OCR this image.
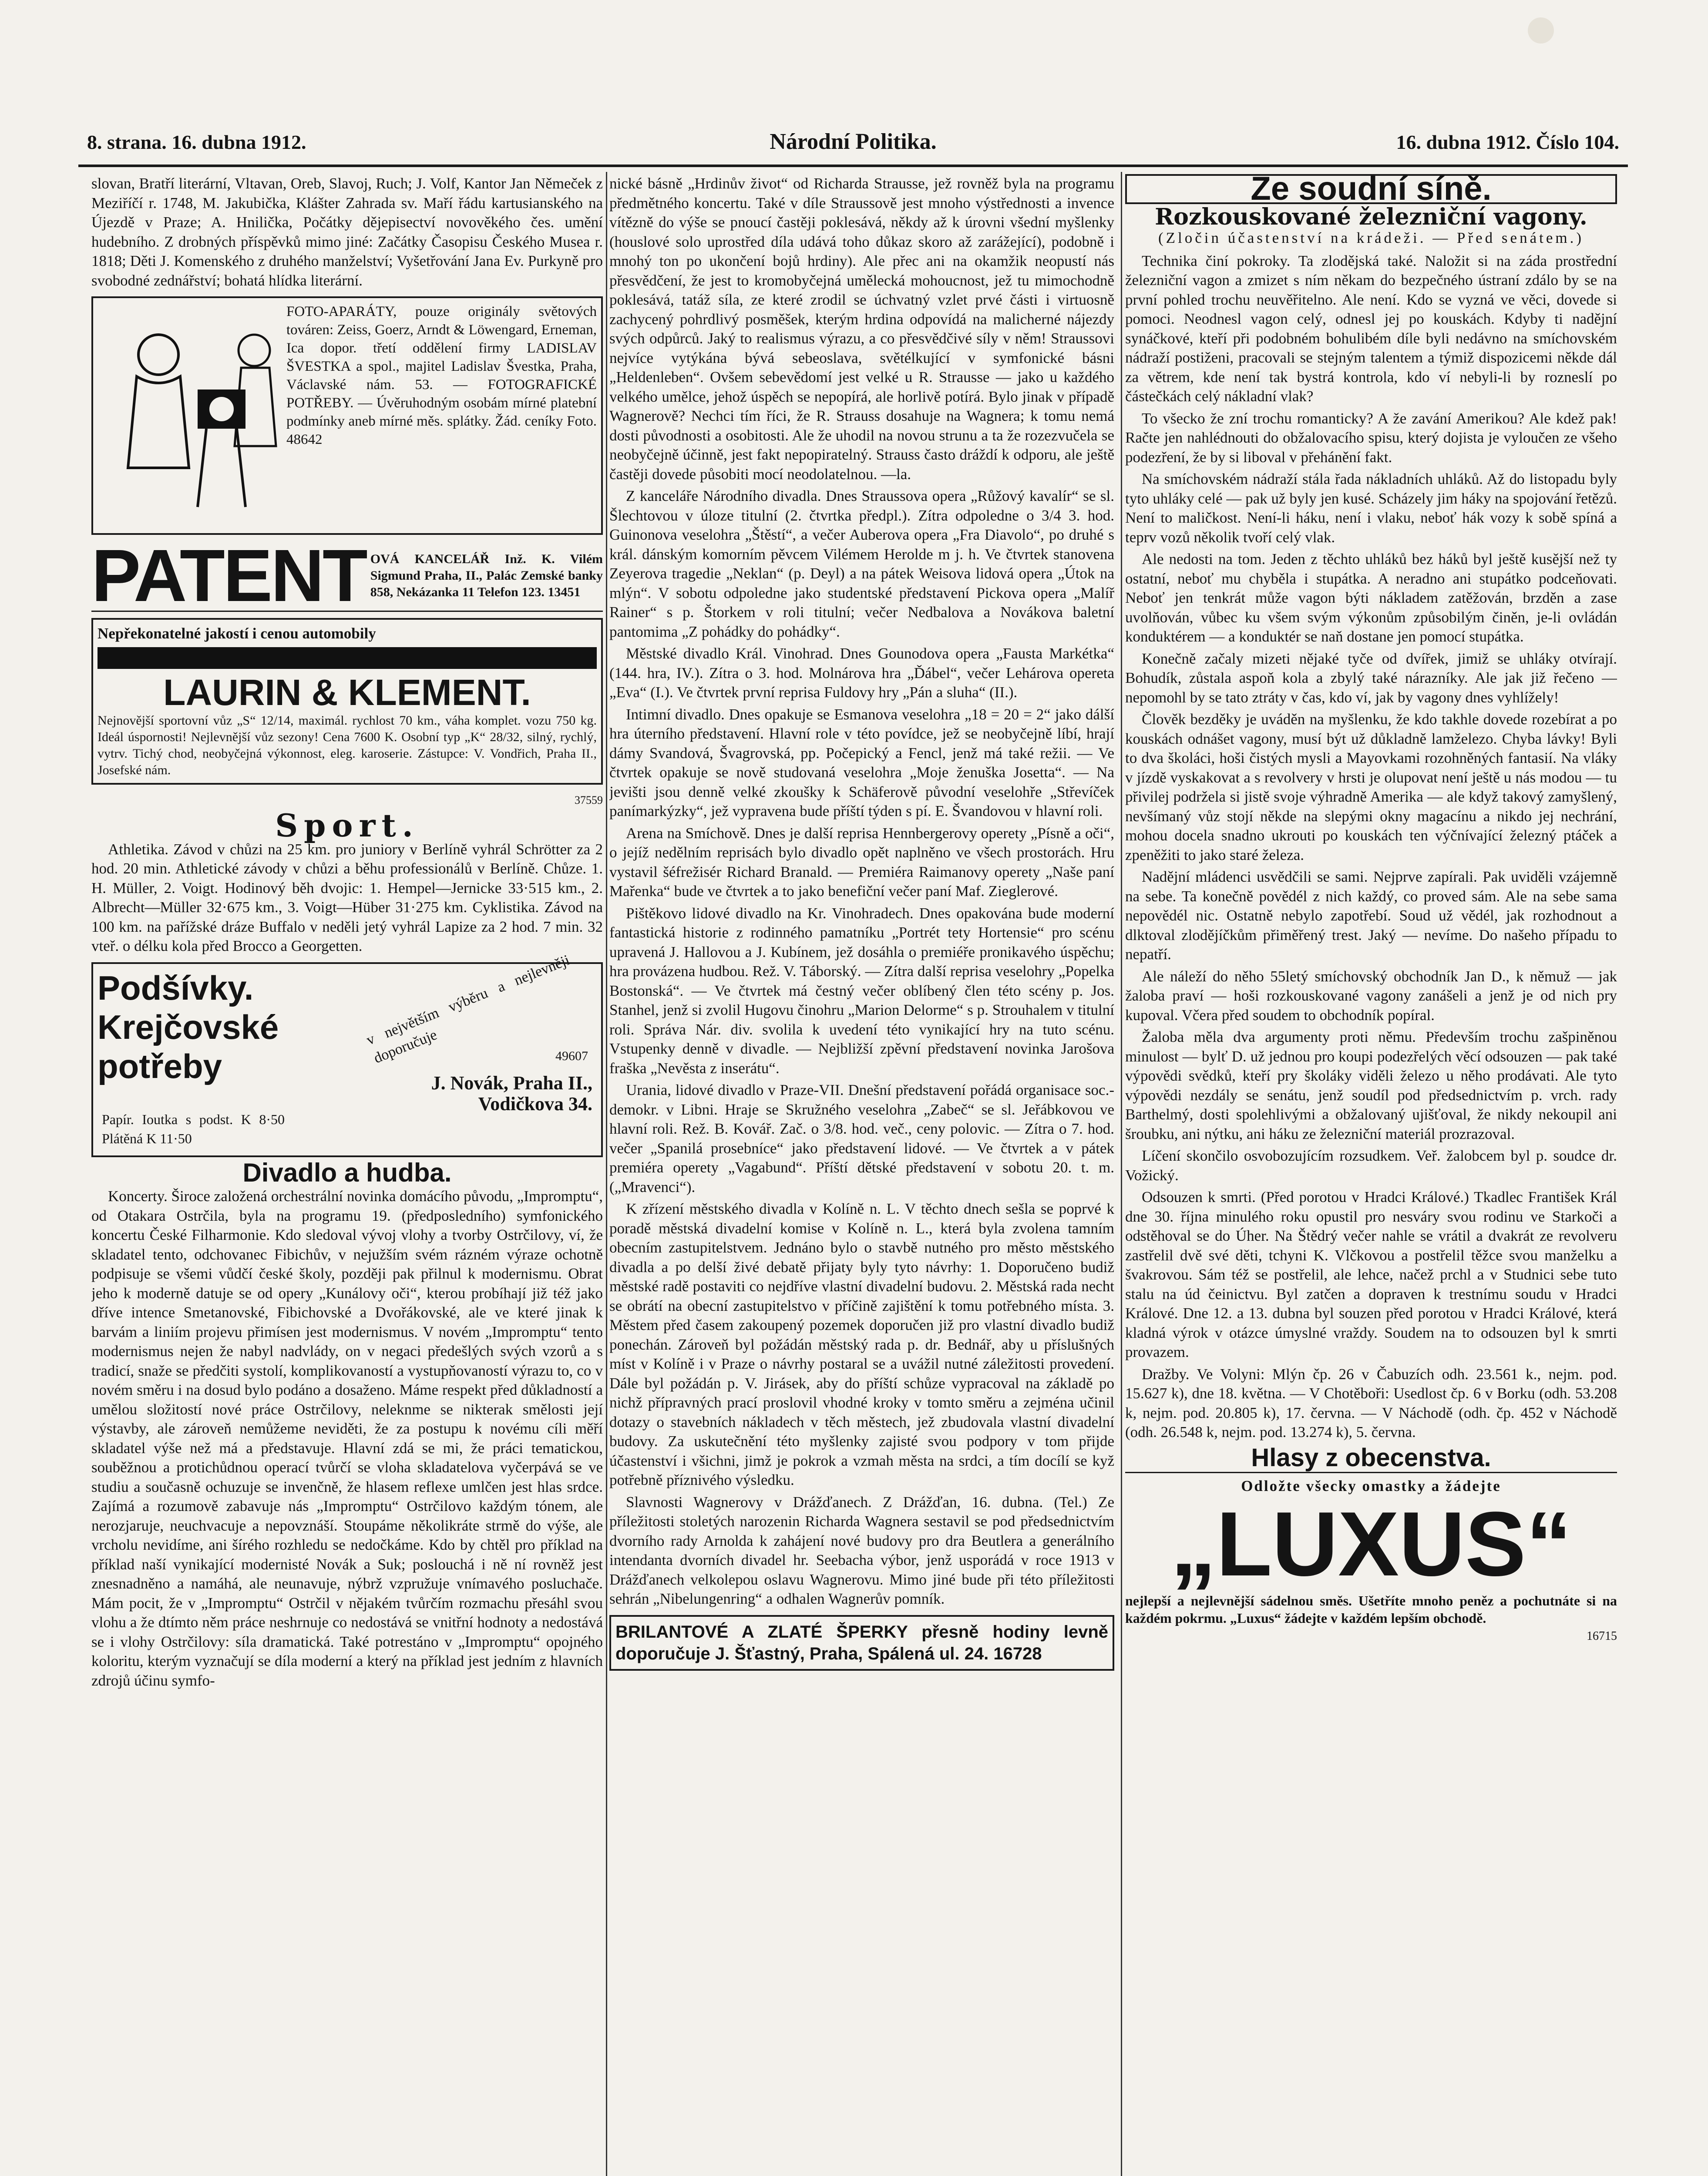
8. strana. 16. dubna 1912.	Národní Politika.	16. dubna 1912. Číslo 104.

slovan, Bratří literární, Vltavan, Oreb, Slavoj, Ruch; J. Volf, Kantor Jan Němeček z Meziříčí r. 1748, M. Jakubička, Klášter Zahrada sv. Maří řádu kartusianského na Újezdě v Praze; A. Hnilička, Počátky dějepisectví novověkého čes. umění hudebního. Z drobných příspěvků mimo jiné: Začátky Časopisu Českého Musea r. 1818; Děti J. Komenského z druhého manželství; Vyšetřování Jana Ev. Purkyně pro svobodné zednářství; bohatá hlídka literární.

FOTO-APARÁTY, pouze originály světových továren: Zeiss, Goerz, Arndt & Löwengard, Erneman, Ica dopor. třetí oddělení firmy LADISLAV ŠVESTKA a spol., majitel Ladislav Švestka, Praha, Václavské nám. 53. — FOTOGRAFICKÉ POTŘEBY. — Úvěruhodným osobám mírné platební podmínky aneb mírné měs. splátky. Žád. ceníky Foto. 48642
PATENT OVÁ KANCELÁŘ Inž. K. Vilém Sigmund Praha, II., Palác Zemské banky 858, Nekázanka 11 Telefon 123. 13451
Nepřekonatelné jakostí i cenou automobily
LAURIN & KLEMENT.
Nejnovější sportovní vůz „S“ 12/14, maximál. rychlost 70 km., váha komplet. vozu 750 kg. Ideál úspornosti! Nejlevnější vůz sezony! Cena 7600 K. Osobní typ „K“ 28/32, silný, rychlý, vytrv. Tichý chod, neobyčejná výkonnost, eleg. karoserie. Zástupce: V. Vondřich, Praha II., Josefské nám.
37559
Sport.

Athletika. Závod v chůzi na 25 km. pro juniory v Berlíně vyhrál Schrötter za 2 hod. 20 min. Athletické závody v chůzi a běhu professionálů v Berlíně. Chůze. 1. H. Müller, 2. Voigt. Hodinový běh dvojic: 1. Hempel—Jernicke 33·515 km., 2. Albrecht—Müller 32·675 km., 3. Voigt—Hüber 31·275 km. Cyklistika. Závod na 100 km. na pařížské dráze Buffalo v neděli jetý vyhrál Lapize za 2 hod. 7 min. 32 vteř. o délku kola před Brocco a Georgetten.

Podšívky. Krejčovské potřeby
v největším výběru a nejlevněji doporučuje	49607
J. Novák, Praha II., Vodičkova 34.
Papír. Ioutka s podst. K 8·50 Plátěná K 11·50
Divadlo a hudba.

Koncerty. Široce založená orchestrální novinka domácího původu, „Impromptu“, od Otakara Ostrčila, byla na programu 19. (předposledního) symfonického koncertu České Filharmonie. Kdo sledoval vývoj vlohy a tvorby Ostrčilovy, ví, že skladatel tento, odchovanec Fibichův, v nejužším svém rázném výraze ochotně podpisuje se všemi vůdčí české školy, později pak přilnul k modernismu. Obrat jeho k moderně datuje se od opery „Kunálovy oči“, kterou probíhají již též jako dříve intence Smetanovské, Fibichovské a Dvořákovské, ale ve které jinak k barvám a liniím projevu přimísen jest modernismus. V novém „Impromptu“ tento modernismus nejen že nabyl nadvlády, on v negaci předešlých svých vzorů a s tradicí, snaže se předčiti systolí, komplikovaností a vystupňovaností výrazu to, co v novém směru i na dosud bylo podáno a dosaženo. Máme respekt před důkladností a umělou složitostí nové práce Ostrčilovy, neleknme se nikterak smělosti její výstavby, ale zároveň nemůžeme neviděti, že za postupu k novému cíli měří skladatel výše než má a představuje. Hlavní zdá se mi, že práci tematickou, souběžnou a protichůdnou operací tvůrčí se vloha skladatelova vyčerpává se ve studiu a současně ochuzuje se invenčně, že hlasem reflexe umlčen jest hlas srdce. Zajímá a rozumově zabavuje nás „Impromptu“ Ostrčilovo každým tónem, ale nerozjaruje, neuchvacuje a nepovznáší. Stoupáme několikráte strmě do výše, ale vrcholu nevidíme, ani šírého rozhledu se nedočkáme. Kdo by chtěl pro příklad na příklad naší vynikající modernisté Novák a Suk; poslouchá i ně ní rovněž jest znesnadněno a namáhá, ale neunavuje, nýbrž vzpružuje vnímavého posluchače. Mám pocit, že v „Impromptu“ Ostrčil v nějakém tvůrčím rozmachu přesáhl svou vlohu a že dtímto něm práce neshrnuje co nedostává se vnitřní hodnoty a nedostává se i vlohy Ostrčilovy: síla dramatická. Také potrestáno v „Impromptu“ opojného koloritu, kterým vyznačují se díla moderní a který na příklad jest jedním z hlavních zdrojů účinu symfo-

nické básně „Hrdinův život“ od Richarda Strausse, jež rovněž byla na programu předmětného koncertu. Také v díle Straussově jest mnoho výstřednosti a invence vítězně do výše se pnoucí častěji poklesává, někdy až k úrovni všední myšlenky (houslové solo uprostřed díla udává toho důkaz skoro až zarážející), podobně i mnohý ton po ukončení bojů hrdiny). Ale přec ani na okamžik neopustí nás přesvědčení, že jest to kromobyčejná umělecká mohoucnost, jež tu mimochodně poklesává, tatáž síla, ze které zrodil se úchvatný vzlet prvé části i virtuosně zachycený pohrdlivý posměšek, kterým hrdina odpovídá na malicherné nájezdy svých odpůrců. Jaký to realismus výrazu, a co přesvědčivé síly v něm! Straussovi nejvíce vytýkána bývá sebeoslava, světélkující v symfonické básni „Heldenleben“. Ovšem sebevědomí jest velké u R. Strausse — jako u každého velkého umělce, jehož úspěch se nepopírá, ale horlivě potírá. Bylo jinak v případě Wagnerově? Nechci tím říci, že R. Strauss dosahuje na Wagnera; k tomu nemá dosti původnosti a osobitosti. Ale že uhodil na novou strunu a ta že rozezvučela se neobyčejně účinně, jest fakt nepopiratelný. Strauss často dráždí k odporu, ale ještě častěji dovede působiti mocí neodolatelnou. —la.

Z kanceláře Národního divadla. Dnes Straussova opera „Růžový kavalír“ se sl. Šlechtovou v úloze titulní (2. čtvrtka předpl.). Zítra odpoledne o 3/4 3. hod. Guinonova veselohra „Štěstí“, a večer Auberova opera „Fra Diavolo“, po druhé s král. dánským komorním pěvcem Vilémem Herolde m j. h. Ve čtvrtek stanovena Zeyerova tragedie „Neklan“ (p. Deyl) a na pátek Weisova lidová opera „Útok na mlýn“. V sobotu odpoledne jako studentské představení Pickova opera „Malíř Rainer“ s p. Štorkem v roli titulní; večer Nedbalova a Novákova baletní pantomima „Z pohádky do pohádky“.

Městské divadlo Král. Vinohrad. Dnes Gounodova opera „Fausta Markétka“ (144. hra, IV.). Zítra o 3. hod. Molnárova hra „Ďábel“, večer Lehárova opereta „Eva“ (I.). Ve čtvrtek první reprisa Fuldovy hry „Pán a sluha“ (II.).

Intimní divadlo. Dnes opakuje se Esmanova veselohra „18 = 20 = 2“ jako dálší hra úterního představení. Hlavní role v této povídce, jež se neobyčejně líbí, hrají dámy Svandová, Švagrovská, pp. Počepický a Fencl, jenž má také režii. — Ve čtvrtek opakuje se nově studovaná veselohra „Moje ženuška Josetta“. — Na jevišti jsou denně velké zkoušky k Schäferově původní veselohře „Střevíček panímarkýzky“, jež vypravena bude příští týden s pí. E. Švandovou v hlavní roli.

Arena na Smíchově. Dnes je další reprisa Hennbergerovy operety „Písně a oči“, o jejíž nedělním reprisách bylo divadlo opět naplněno ve všech prostorách. Hru vystavil šéfrežisér Richard Branald. — Premiéra Raimanovy operety „Naše paní Mařenka“ bude ve čtvrtek a to jako benefiční večer paní Maf. Zieglerové.

Pištěkovo lidové divadlo na Kr. Vinohradech. Dnes opakována bude moderní fantastická historie z rodinného pamatníku „Portrét tety Hortensie“ pro scénu upravená J. Hallovou a J. Kubínem, jež dosáhla o premiéře pronikavého úspěchu; hra provázena hudbou. Rež. V. Táborský. — Zítra další reprisa veselohry „Popelka Bostonská“. — Ve čtvrtek má čestný večer oblíbený člen této scény p. Jos. Stanhel, jenž si zvolil Hugovu činohru „Marion Delorme“ s p. Strouhalem v titulní roli. Správa Nár. div. svolila k uvedení této vynikající hry na tuto scénu. Vstupenky denně v divadle. — Nejbližší zpěvní představení novinka Jarošova fraška „Nevěsta z inserátu“.

Urania, lidové divadlo v Praze-VII. Dnešní představení pořádá organisace soc.-demokr. v Libni. Hraje se Skružného veselohra „Zabeč“ se sl. Jeřábkovou ve hlavní roli. Rež. B. Kovář. Zač. o 3/8. hod. več., ceny polovic. — Zítra o 7. hod. večer „Spanilá prosebníce“ jako představení lidové. — Ve čtvrtek a v pátek premiéra operety „Vagabund“. Příští dětské představení v sobotu 20. t. m. („Mravenci“).

K zřízení městského divadla v Kolíně n. L. V těchto dnech sešla se poprvé k poradě městská divadelní komise v Kolíně n. L., která byla zvolena tamním obecním zastupitelstvem. Jednáno bylo o stavbě nutného pro město městského divadla a po delší živé debatě přijaty byly tyto návrhy: 1. Doporučeno budiž městské radě postaviti co nejdříve vlastní divadelní budovu. 2. Městská rada necht se obrátí na obecní zastupitelstvo v příčině zajištění k tomu potřebného místa. 3. Městem před časem zakoupený pozemek doporučen již pro vlastní divadlo budiž ponechán. Zároveň byl požádán městský rada p. dr. Bednář, aby u příslušných míst v Kolíně i v Praze o návrhy postaral se a uvážil nutné záležitosti provedení. Dále byl požádán p. V. Jirásek, aby do příští schůze vypracoval na základě po nichž přípravných prací proslovil vhodné kroky v tomto směru a zejména učinil dotazy o stavebních nákladech v těch městech, jež zbudovala vlastní divadelní budovy. Za uskutečnění této myšlenky zajisté svou podpory v tom přijde účastenství i všichni, jimž je pokrok a vzmah města na srdci, a tím docílí se kyž potřebně příznivého výsledku.

Slavnosti Wagnerovy v Drážďanech. Z Drážďan, 16. dubna. (Tel.) Ze příležitosti stoletých narozenin Richarda Wagnera sestavil se pod předsednictvím dvorního rady Arnolda k zahájení nové budovy pro dra Beutlera a generálního intendanta dvorních divadel hr. Seebacha výbor, jenž usporádá v roce 1913 v Drážďanech velkolepou oslavu Wagnerovu. Mimo jiné bude při této příležitosti sehrán „Nibelungenring“ a odhalen Wagnerův pomník.

BRILANTOVÉ A ZLATÉ ŠPERKY přesně hodiny levně doporučuje J. Šťastný, Praha, Spálená ul. 24. 16728
Ze soudní síně.
Rozkouskované železniční vagony.
(Zločin účastenství na krádeži. — Před senátem.)

Technika činí pokroky. Ta zlodějská také. Naložit si na záda prostřední železniční vagon a zmizet s ním někam do bezpečného ústraní zdálo by se na první pohled trochu neuvěřitelno. Ale není. Kdo se vyzná ve věci, dovede si pomoci. Neodnesl vagon celý, odnesl jej po kouskách. Kdyby ti nadějní synáčkové, kteří při podobném bohulibém díle byli nedávno na smíchovském nádraží postiženi, pracovali se stejným talentem a týmiž dispozicemi někde dál za větrem, kde není tak bystrá kontrola, kdo ví nebyli-li by rozneslí po částečkách celý nákladní vlak?

To všecko že zní trochu romanticky? A že zavání Amerikou? Ale kdež pak! Račte jen nahlédnouti do obžalovacího spisu, který dojista je vyloučen ze všeho podezření, že by si liboval v přehánění fakt.

Na smíchovském nádraží stála řada nákladních uhláků. Až do listopadu byly tyto uhláky celé — pak už byly jen kusé. Scházely jim háky na spojování řetězů. Není to maličkost. Není-li háku, není i vlaku, neboť hák vozy k sobě spíná a teprv vozů několik tvoří celý vlak.

Ale nedosti na tom. Jeden z těchto uhláků bez háků byl ještě kusější než ty ostatní, neboť mu chyběla i stupátka. A neradno ani stupátko podceňovati. Neboť jen tenkrát může vagon býti nákladem zatěžován, brzděn a zase uvolňován, vůbec ku všem svým výkonům způsobilým činěn, je-li ovládán konduktérem — a konduktér se naň dostane jen pomocí stupátka.

Konečně začaly mizeti nějaké tyče od dvířek, jimiž se uhláky otvírají. Bohudík, zůstala aspoň kola a zbylý také nárazníky. Ale jak již řečeno — nepomohl by se tato ztráty v čas, kdo ví, jak by vagony dnes vyhlížely!

Člověk bezděky je uváděn na myšlenku, že kdo takhle dovede rozebírat a po kouskách odnášet vagony, musí být už důkladně lamželezo. Chyba lávky! Byli to dva školáci, hoši čistých mysli a Mayovkami rozohněných fantasií. Na vláky v jízdě vyskakovat a s revolvery v hrsti je olupovat není ještě u nás modou — tu přivilej podržela si jistě svoje výhradně Amerika — ale když takový zamyšlený, nevšímaný vůz stojí někde na slepými okny magacínu a nikdo jej nechrání, mohou docela snadno ukrouti po kouskách ten výčnívající železný ptáček a zpeněžiti to jako staré železa.

Nadějní mládenci usvědčili se sami. Nejprve zapírali. Pak uviděli vzájemně na sebe. Ta konečně povědél z nich každý, co proved sám. Ale na sebe sama nepovědél nic. Ostatně nebylo zapotřebí. Soud už vědél, jak rozhodnout a dlktoval zlodějíčkům přiměřený trest. Jaký — nevíme. Do našeho případu to nepatří.

Ale náleží do něho 55letý smíchovský obchodník Jan D., k němuž — jak žaloba praví — hoši rozkouskované vagony zanášeli a jenž je od nich pry kupoval. Včera před soudem to obchodník popíral.

Žaloba měla dva argumenty proti němu. Především trochu zašpiněnou minulost — bylť D. už jednou pro koupi podezřelých věcí odsouzen — pak také výpovědi svědků, kteří pry školáky viděli železo u něho prodávati. Ale tyto výpovědi nezdály se senátu, jenž soudíl pod předsednictvím p. vrch. rady Barthelmý, dosti spolehlivými a obžalovaný ujišťoval, že nikdy nekoupil ani šroubku, ani nýtku, ani háku ze železniční materiál prozrazoval.

Líčení skončilo osvobozujícím rozsudkem. Veř. žalobcem byl p. soudce dr. Vožický.

Odsouzen k smrti. (Před porotou v Hradci Králové.) Tkadlec František Král dne 30. října minulého roku opustil pro nesváry svou rodinu ve Starkoči a odstěhoval se do Úher. Na Štědrý večer nahle se vrátil a dvakrát ze revolveru zastřelil dvě své děti, tchyni K. Vlčkovou a postřelil těžce svou manželku a švakrovou. Sám též se postřelil, ale lehce, načež prchl a v Studnici sebe tuto stalu na úd čeinictvu. Byl zatčen a dopraven k trestnímu soudu v Hradci Králové. Dne 12. a 13. dubna byl souzen před porotou v Hradci Králové, která kladná výrok v otázce úmyslné vraždy. Soudem na to odsouzen byl k smrti provazem.

Dražby. Ve Volyni: Mlýn čp. 26 v Čabuzích odh. 23.561 k., nejm. pod. 15.627 k), dne 18. května. — V Chotěboři: Usedlost čp. 6 v Borku (odh. 53.208 k, nejm. pod. 20.805 k), 17. června. — V Náchodě (odh. čp. 452 v Náchodě (odh. 26.548 k, nejm. pod. 13.274 k), 5. června.

Hlasy z obecenstva.
Odložte všecky omastky a žádejte
„LUXUS“
nejlepší a nejlevnější sádelnou směs. Ušetříte mnoho peněz a pochutnáte si na každém pokrmu. „Luxus“ žádejte v každém lepším obchodě.
16715
